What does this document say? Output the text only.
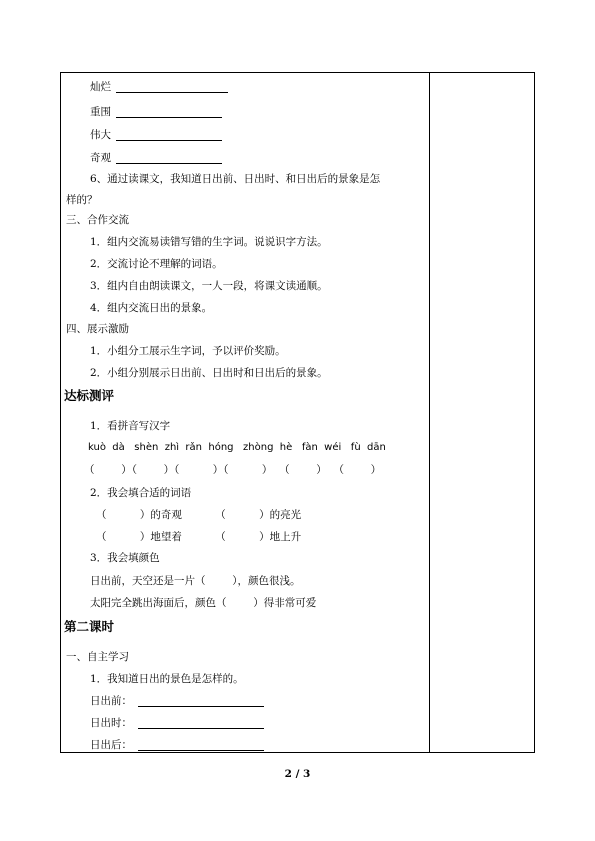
灿烂
重围
伟大
奇观
6、通过读课文，我知道日出前、日出时、和日出后的景象是怎
样的？
三、合作交流
1．组内交流易读错写错的生字词。说说识字方法。
2．交流讨论不理解的词语。
3．组内自由朗读课文，一人一段，将课文读通顺。
4．组内交流日出的景象。
四、展示激励
1．小组分工展示生字词，予以评价奖励。
2．小组分别展示日出前、日出时和日出后的景象。
达标测评
1．看拼音写汉字
kuò  dà   shèn  zhì  rǎn  hóng   zhòng  hè   fàn  wéi   fù  dān
（        ）（        ）（          ）（          ）  （        ）  （        ）
2．我会填合适的词语
（          ）的奇观          （          ）的亮光
（          ）地望着          （          ）地上升
3．我会填颜色
日出前，天空还是一片（        ），颜色很浅。
太阳完全跳出海面后，颜色（        ）得非常可爱
第二课时
一、自主学习
1．我知道日出的景色是怎样的。
日出前：
日出时：
日出后：
2 / 3
